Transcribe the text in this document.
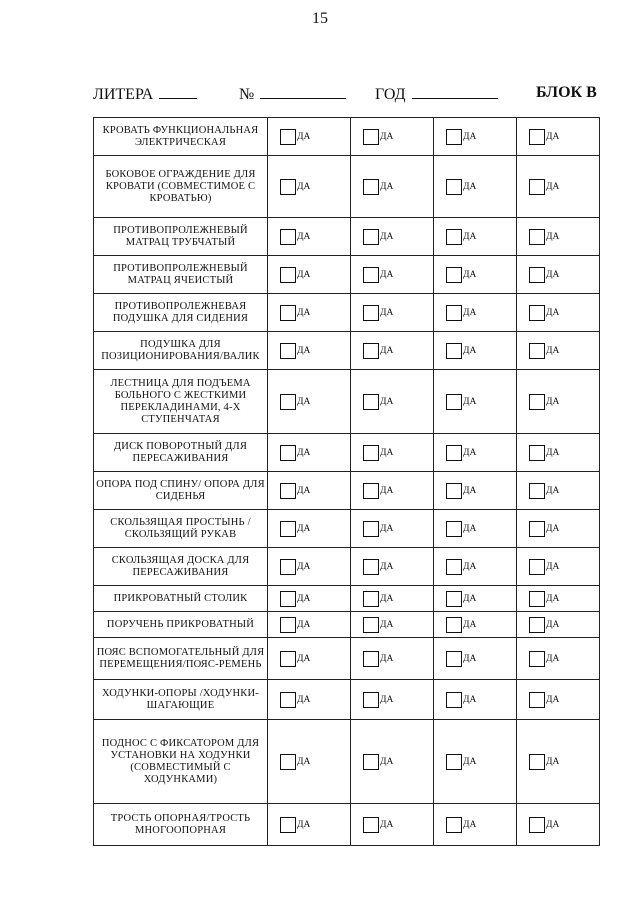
15
ЛИТЕРА	№	ГОД	БЛОК В
КРОВАТЬ ФУНКЦИОНАЛЬНАЯ ЭЛЕКТРИЧЕСКАЯ	ДА	ДА	ДА	ДА

БОКОВОЕ ОГРАЖДЕНИЕ ДЛЯ КРОВАТИ (СОВМЕСТИМОЕ С КРОВАТЬЮ)	ДА	ДА	ДА	ДА

ПРОТИВОПРОЛЕЖНЕВЫЙ МАТРАЦ ТРУБЧАТЫЙ	ДА	ДА	ДА	ДА

ПРОТИВОПРОЛЕЖНЕВЫЙ МАТРАЦ ЯЧЕИСТЫЙ	ДА	ДА	ДА	ДА

ПРОТИВОПРОЛЕЖНЕВАЯ ПОДУШКА ДЛЯ СИДЕНИЯ	ДА	ДА	ДА	ДА

ПОДУШКА ДЛЯ ПОЗИЦИОНИРОВАНИЯ/ВАЛИК	ДА	ДА	ДА	ДА

ЛЕСТНИЦА ДЛЯ ПОДЪЕМА БОЛЬНОГО С ЖЕСТКИМИ ПЕРЕКЛАДИНАМИ, 4-Х СТУПЕНЧАТАЯ	ДА	ДА	ДА	ДА

ДИСК ПОВОРОТНЫЙ ДЛЯ ПЕРЕСАЖИВАНИЯ	ДА	ДА	ДА	ДА

ОПОРА ПОД СПИНУ/ ОПОРА ДЛЯ СИДЕНЬЯ	ДА	ДА	ДА	ДА

СКОЛЬЗЯЩАЯ ПРОСТЫНЬ /СКОЛЬЗЯЩИЙ РУКАВ	ДА	ДА	ДА	ДА

СКОЛЬЗЯЩАЯ ДОСКА ДЛЯ ПЕРЕСАЖИВАНИЯ	ДА	ДА	ДА	ДА

ПРИКРОВАТНЫЙ СТОЛИК	ДА	ДА	ДА	ДА

ПОРУЧЕНЬ ПРИКРОВАТНЫЙ	ДА	ДА	ДА	ДА

ПОЯС ВСПОМОГАТЕЛЬНЫЙ ДЛЯ ПЕРЕМЕЩЕНИЯ/ПОЯС-РЕМЕНЬ	ДА	ДА	ДА	ДА

ХОДУНКИ-ОПОРЫ /ХОДУНКИ-ШАГАЮЩИЕ	ДА	ДА	ДА	ДА

ПОДНОС С ФИКСАТОРОМ ДЛЯ УСТАНОВКИ НА ХОДУНКИ (СОВМЕСТИМЫЙ С ХОДУНКАМИ)	ДА	ДА	ДА	ДА

ТРОСТЬ ОПОРНАЯ/ТРОСТЬ МНОГООПОРНАЯ	ДА	ДА	ДА	ДА
